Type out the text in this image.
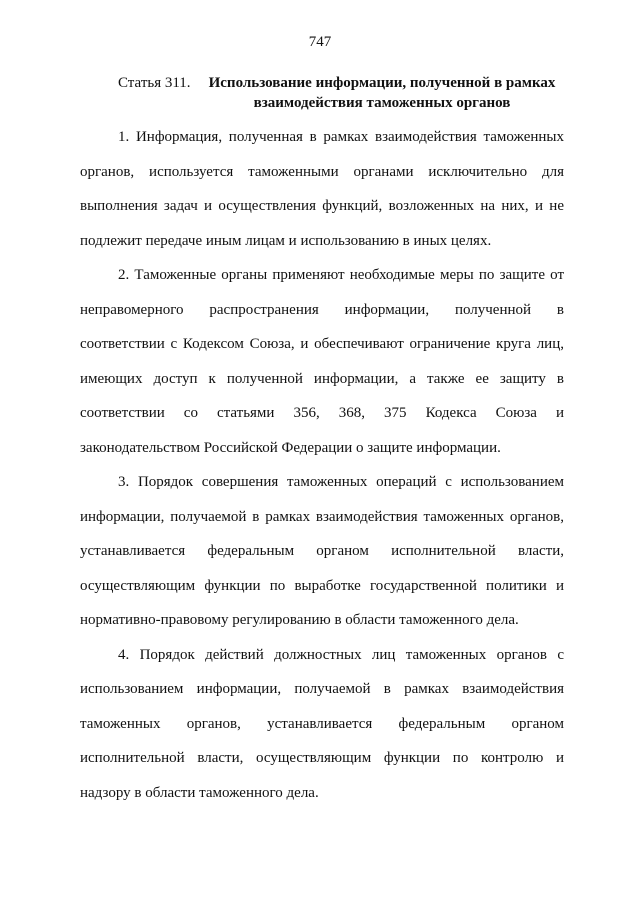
747
Статья 311.	Использование информации, полученной в рамках взаимодействия таможенных органов

1. Информация, полученная в рамках взаимодействия таможенных органов, используется таможенными органами исключительно для выполнения задач и осуществления функций, возложенных на них, и не подлежит передаче иным лицам и использованию в иных целях.

2. Таможенные органы применяют необходимые меры по защите от неправомерного распространения информации, полученной в соответствии с Кодексом Союза, и обеспечивают ограничение круга лиц, имеющих доступ к полученной информации, а также ее защиту в соответствии со статьями 356, 368, 375 Кодекса Союза и законодательством Российской Федерации о защите информации.

3. Порядок совершения таможенных операций с использованием информации, получаемой в рамках взаимодействия таможенных органов, устанавливается федеральным органом исполнительной власти, осуществляющим функции по выработке государственной политики и нормативно-правовому регулированию в области таможенного дела.

4. Порядок действий должностных лиц таможенных органов с использованием информации, получаемой в рамках взаимодействия таможенных органов, устанавливается федеральным органом исполнительной власти, осуществляющим функции по контролю и надзору в области таможенного дела.
